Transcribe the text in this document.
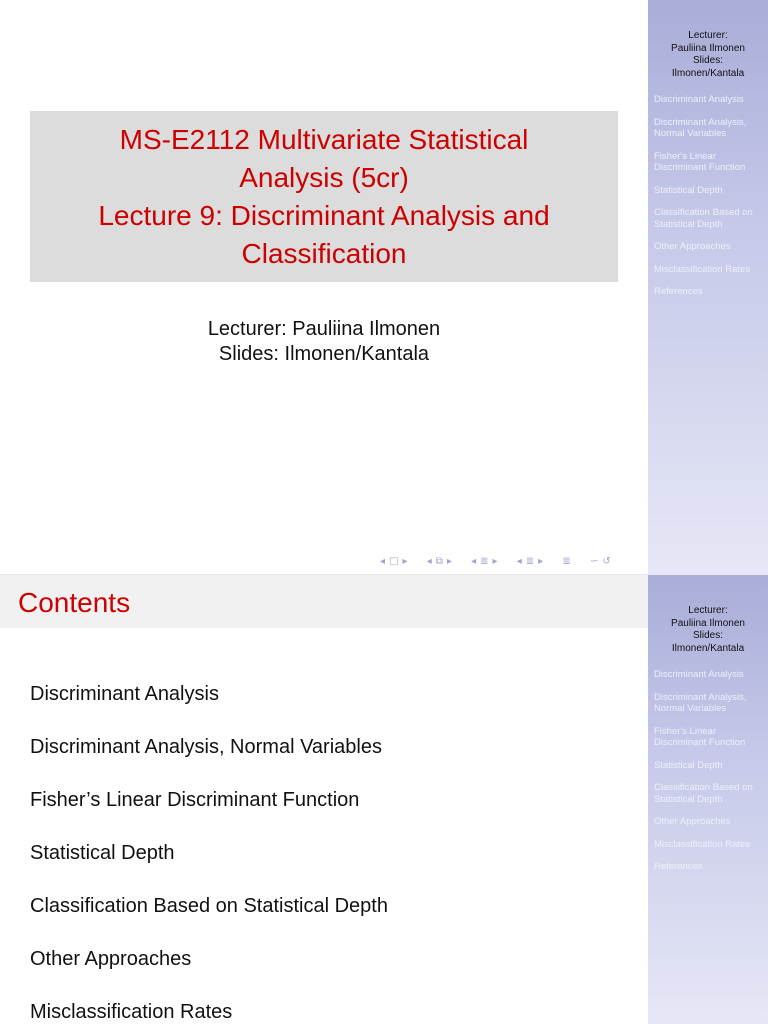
Lecturer:
Pauliina Ilmonen
Slides:
Ilmonen/Kantala
Discriminant Analysis
Discriminant Analysis, Normal Variables
Fisher's Linear Discriminant Function
Statistical Depth
Classification Based on Statistical Depth
Other Approaches
Misclassification Rates
References
MS-E2112 Multivariate Statistical
Analysis (5cr)
Lecture 9: Discriminant Analysis and
Classification
Lecturer: Pauliina Ilmonen
Slides: Ilmonen/Kantala
◂ □ ▸ ◂ ⧉ ▸ ◂ ≣ ▸ ◂ ≣ ▸ ≣ ∽ ↺
Lecturer:
Pauliina Ilmonen
Slides:
Ilmonen/Kantala
Discriminant Analysis
Discriminant Analysis, Normal Variables
Fisher's Linear Discriminant Function
Statistical Depth
Classification Based on Statistical Depth
Other Approaches
Misclassification Rates
References
Contents
Discriminant Analysis
Discriminant Analysis, Normal Variables
Fisher’s Linear Discriminant Function
Statistical Depth
Classification Based on Statistical Depth
Other Approaches
Misclassification Rates
